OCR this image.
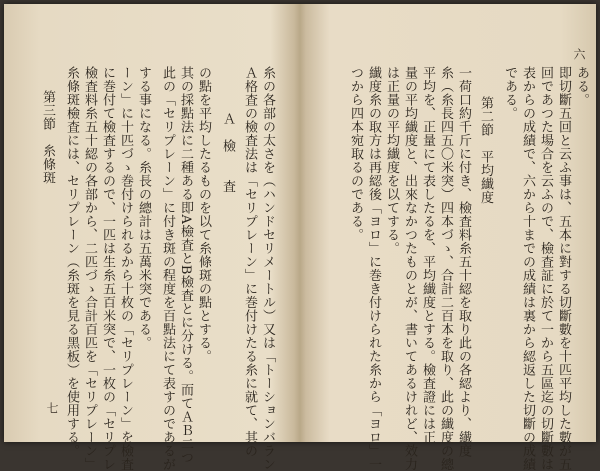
糸の各部の太さを（ハンドセリメートル）又は「トーションバラン
Ａ格査の檢査法は「セリプレーン」に巻付けたる糸に就て、其の
Ａ　檢　　査
の點を平均したるものを以て糸條斑の點とする。
其の採點法に二種ある即A檢査とB檢査とに分ける。而てＡＢ二つ
此の「セリプレーン」に付き斑の程度を百點法にて表すのであるが
する事になる。糸長の總計は五萬米突である。
ーン」に十匹づゝ巻付けられるから十枚の「セリプレーン」を檢査
に巻付て檢査するので、一匹は生糸五百米突で、一枚の「セリプレ
檢査料糸五十綛の各部から、二匹づゝ合計百匹を「セリプレーン」
糸條斑檢査には、セリプレーン（糸斑を見る黑板）を使用する。
第三節　糸條斑
七
つから四本宛取るのである。 纎度糸の取方は再綛後「ヨロ」に巻き付けられた糸から「ヨロ」一 は正量の平均纎度を以てする。 量の平均纎度と、出來なかつたものとが、書いてあるけれど、效力 平均を、正量にて表したるを、平均纎度とする。檢査證には正 糸（糸長四五〇米突）四本づゝ、合計二百本を取り、此の纎度の總 一荷口約千斤に付き、檢査料糸五十綛を取り此の各綛より、纎度 第二節　平均纎度
である。 表からの成績で、六から十までの成績は裏から綛返した切斷の成績 回であつた場合を云ふので、檢査証に於て一から五區迄の切斷數は 即切斷五回と云ふ事は、五本に對する切斷數を十匹平均した數が五 ある。
六
